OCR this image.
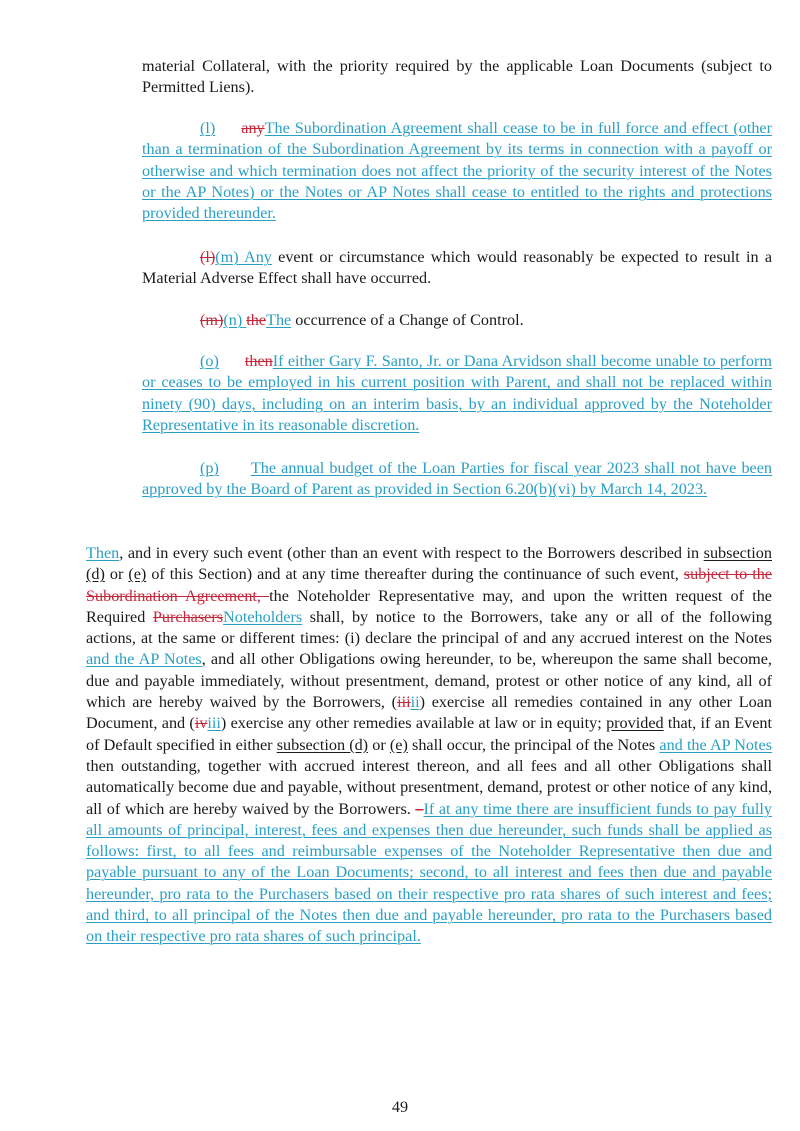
material Collateral, with the priority required by the applicable Loan Documents (subject to Permitted Liens).

(l) anyThe Subordination Agreement shall cease to be in full force and effect (other than a termination of the Subordination Agreement by its terms in connection with a payoff or otherwise and which termination does not affect the priority of the security interest of the Notes or the AP Notes) or the Notes or AP Notes shall cease to entitled to the rights and protections provided thereunder.

(l)(m) Any event or circumstance which would reasonably be expected to result in a Material Adverse Effect shall have occurred.

(m)(n) theThe occurrence of a Change of Control.

(o) thenIf either Gary F. Santo, Jr. or Dana Arvidson shall become unable to perform or ceases to be employed in his current position with Parent, and shall not be replaced within ninety (90) days, including on an interim basis, by an individual approved by the Noteholder Representative in its reasonable discretion.

(p) The annual budget of the Loan Parties for fiscal year 2023 shall not have been approved by the Board of Parent as provided in Section 6.20(b)(vi) by March 14, 2023.

Then, and in every such event (other than an event with respect to the Borrowers described in subsection (d) or (e) of this Section) and at any time thereafter during the continuance of such event, subject to the Subordination Agreement, the Noteholder Representative may, and upon the written request of the Required PurchasersNoteholders shall, by notice to the Borrowers, take any or all of the following actions, at the same or different times: (i) declare the principal of and any accrued interest on the Notes and the AP Notes, and all other Obligations owing hereunder, to be, whereupon the same shall become, due and payable immediately, without presentment, demand, protest or other notice of any kind, all of which are hereby waived by the Borrowers, (iiiii) exercise all remedies contained in any other Loan Document, and (iviii) exercise any other remedies available at law or in equity; provided that, if an Event of Default specified in either subsection (d) or (e) shall occur, the principal of the Notes and the AP Notes then outstanding, together with accrued interest thereon, and all fees and all other Obligations shall automatically become due and payable, without presentment, demand, protest or other notice of any kind, all of which are hereby waived by the Borrowers. –If at any time there are insufficient funds to pay fully all amounts of principal, interest, fees and expenses then due hereunder, such funds shall be applied as follows: first, to all fees and reimbursable expenses of the Noteholder Representative then due and payable pursuant to any of the Loan Documents; second, to all interest and fees then due and payable hereunder, pro rata to the Purchasers based on their respective pro rata shares of such interest and fees; and third, to all principal of the Notes then due and payable hereunder, pro rata to the Purchasers based on their respective pro rata shares of such principal.

49
